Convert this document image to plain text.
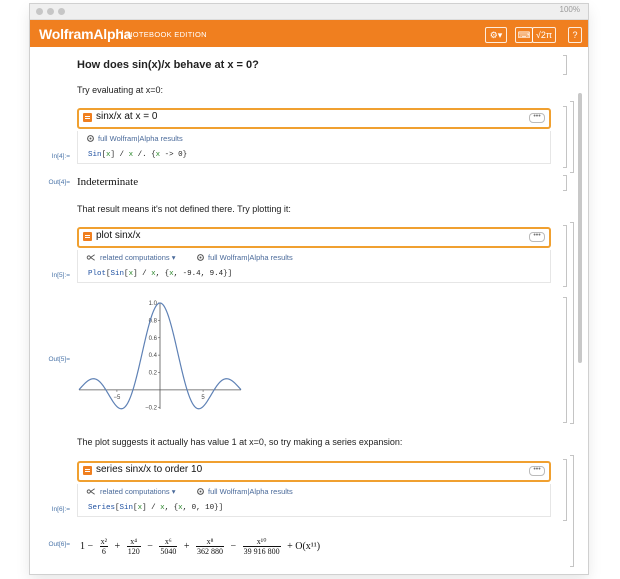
100%
WolframAlpha
NOTEBOOK EDITION	⚙▾	⌨ √2π	?
How does sin(x)/x behave at x = 0?
Try evaluating at x=0:
sinx/x at x = 0	•••
full Wolfram|Alpha results
Sin[x] / x /. {x -> 0}
In[4]:=
Out[4]= Indeterminate
That result means it's not defined there. Try plotting it:
plot sinx/x	•••
related computations ▾	full Wolfram|Alpha results
Plot[Sin[x] / x, {x, -9.4, 9.4}]
In[5]:=
Out[5]=
−0.2
0.2
0.4
0.6
0.8
1.0
−5	5
The plot suggests it actually has value 1 at x=0, so try making a series expansion:
series sinx/x to order 10	•••
related computations ▾	full Wolfram|Alpha results
Series[Sin[x] / x, {x, 0, 10}]
In[6]:=
Out[6]=	$1 - \frac{\text{x²}}{6} + \frac{\text{x⁴}}{120} - \frac{\text{x⁶}}{5040} + \frac{\text{x⁸}}{362 880} - \frac{\text{x¹⁰}}{39 916 800} + O(x^{11})$
